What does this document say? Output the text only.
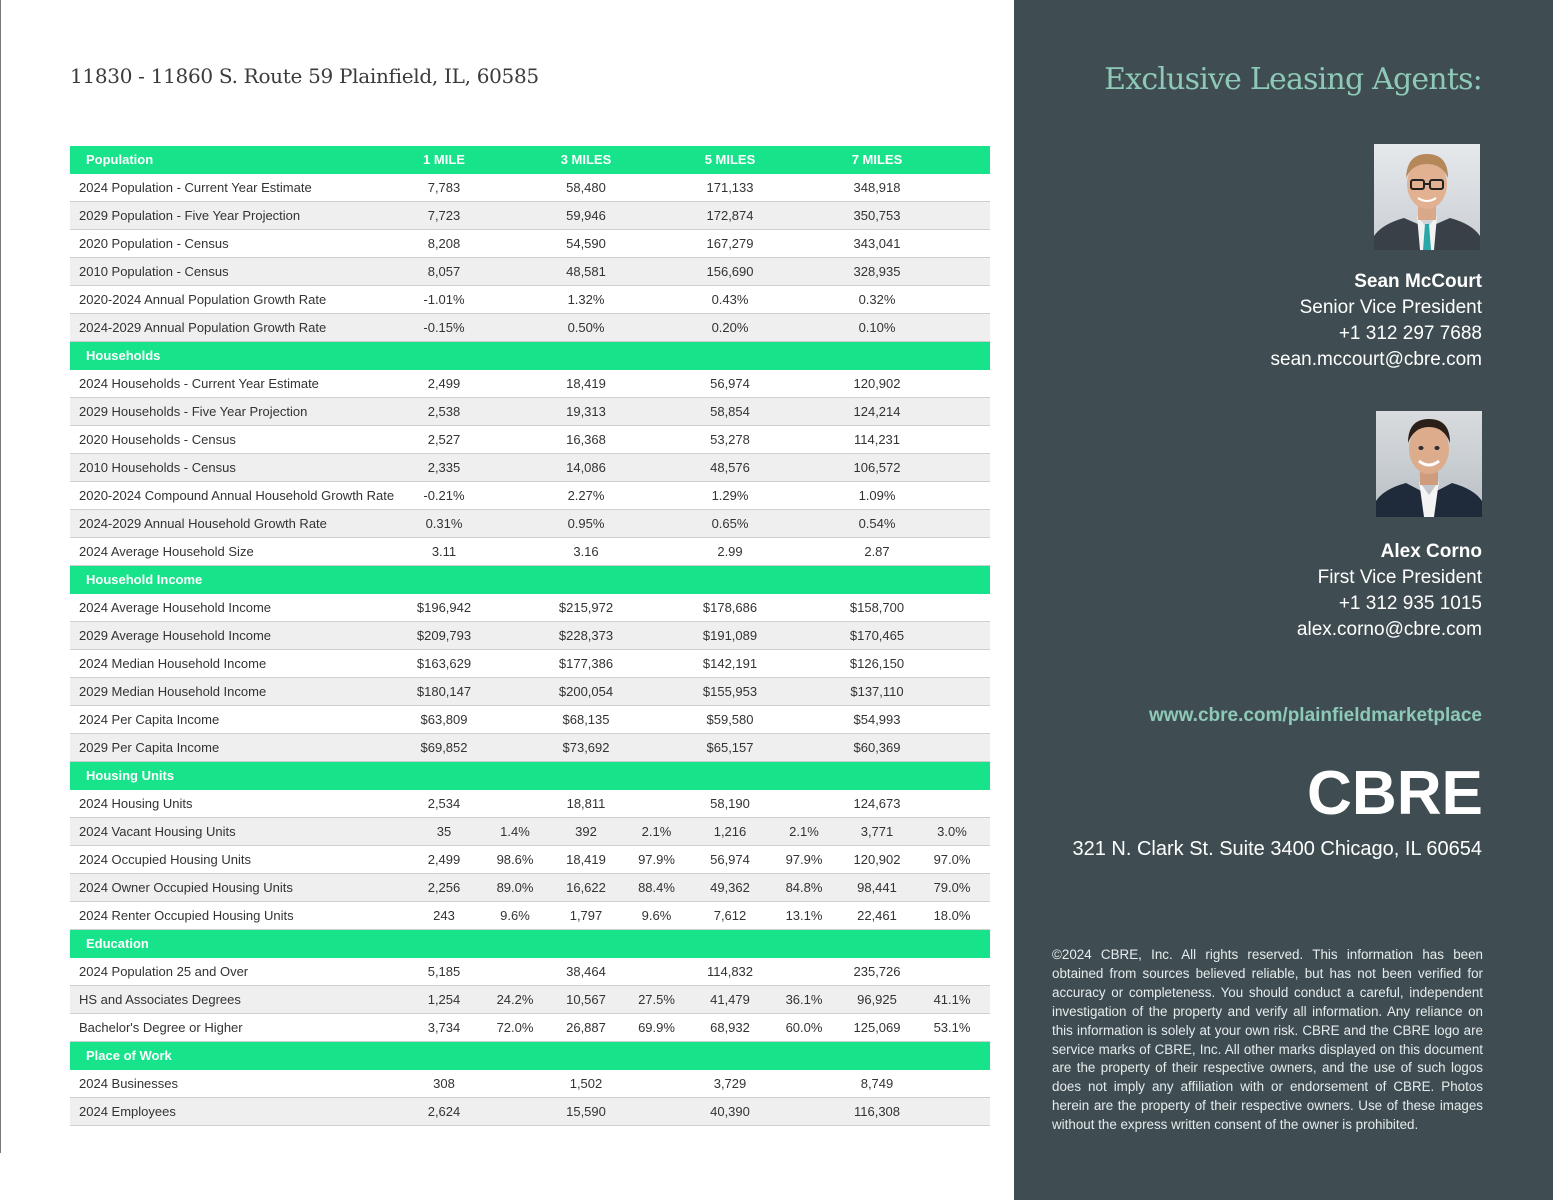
11830 - 11860 S. Route 59 Plainfield, IL, 60585
Population	1 MILE		3 MILES		5 MILES		7 MILES	
2024 Population - Current Year Estimate	7,783		58,480		171,133		348,918	
2029 Population - Five Year Projection	7,723		59,946		172,874		350,753	
2020 Population - Census	8,208		54,590		167,279		343,041	
2010 Population - Census	8,057		48,581		156,690		328,935	
2020-2024 Annual Population Growth Rate	-1.01%		1.32%		0.43%		0.32%	
2024-2029 Annual Population Growth Rate	-0.15%		0.50%		0.20%		0.10%	
Households								
2024 Households - Current Year Estimate	2,499		18,419		56,974		120,902	
2029 Households - Five Year Projection	2,538		19,313		58,854		124,214	
2020 Households - Census	2,527		16,368		53,278		114,231	
2010 Households - Census	2,335		14,086		48,576		106,572	
2020-2024 Compound Annual Household Growth Rate	-0.21%		2.27%		1.29%		1.09%	
2024-2029 Annual Household Growth Rate	0.31%		0.95%		0.65%		0.54%	
2024 Average Household Size	3.11		3.16		2.99		2.87	
Household Income								
2024 Average Household Income	$196,942		$215,972		$178,686		$158,700	
2029 Average Household Income	$209,793		$228,373		$191,089		$170,465	
2024 Median Household Income	$163,629		$177,386		$142,191		$126,150	
2029 Median Household Income	$180,147		$200,054		$155,953		$137,110	
2024 Per Capita Income	$63,809		$68,135		$59,580		$54,993	
2029 Per Capita Income	$69,852		$73,692		$65,157		$60,369	
Housing Units								
2024 Housing Units	2,534		18,811		58,190		124,673	
2024 Vacant Housing Units	35	1.4%	392	2.1%	1,216	2.1%	3,771	3.0%
2024 Occupied Housing Units	2,499	98.6%	18,419	97.9%	56,974	97.9%	120,902	97.0%
2024 Owner Occupied Housing Units	2,256	89.0%	16,622	88.4%	49,362	84.8%	98,441	79.0%
2024 Renter Occupied Housing Units	243	9.6%	1,797	9.6%	7,612	13.1%	22,461	18.0%
Education								
2024 Population 25 and Over	5,185		38,464		114,832		235,726	
HS and Associates Degrees	1,254	24.2%	10,567	27.5%	41,479	36.1%	96,925	41.1%
Bachelor's Degree or Higher	3,734	72.0%	26,887	69.9%	68,932	60.0%	125,069	53.1%
Place of Work								
2024 Businesses	308		1,502		3,729		8,749	
2024 Employees	2,624		15,590		40,390		116,308	
Exclusive Leasing Agents:
Sean McCourt
Senior Vice President
+1 312 297 7688
sean.mccourt@cbre.com
Alex Corno
First Vice President
+1 312 935 1015
alex.corno@cbre.com
www.cbre.com/plainfieldmarketplace
CBRE
321 N. Clark St. Suite 3400 Chicago, IL 60654
©2024 CBRE, Inc. All rights reserved. This information has been obtained from sources believed reliable, but has not been verified for accuracy or completeness. You should conduct a careful, independent investigation of the property and verify all information. Any reliance on this information is solely at your own risk. CBRE and the CBRE logo are service marks of CBRE, Inc. All other marks displayed on this document are the property of their respective owners, and the use of such logos does not imply any affiliation with or endorsement of CBRE. Photos herein are the property of their respective owners. Use of these images without the express written consent of the owner is prohibited.
